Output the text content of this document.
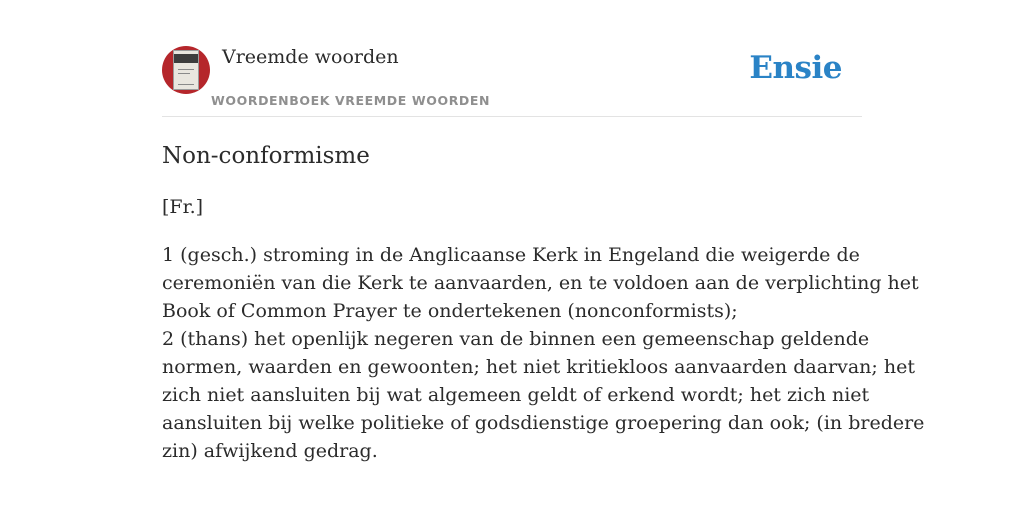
Vreemde woorden
WOORDENBOEK VREEMDE WOORDEN
Ensie
Non-conformisme
[Fr.]
1 (gesch.) stroming in de Anglicaanse Kerk in Engeland die weigerde de
ceremoniën van die Kerk te aanvaarden, en te voldoen aan de verplichting het
Book of Common Prayer te ondertekenen (nonconformists);
2 (thans) het openlijk negeren van de binnen een gemeenschap geldende
normen, waarden en gewoonten; het niet kritiekloos aanvaarden daarvan; het
zich niet aansluiten bij wat algemeen geldt of erkend wordt; het zich niet
aansluiten bij welke politieke of godsdienstige groepering dan ook; (in bredere
zin) afwijkend gedrag.
